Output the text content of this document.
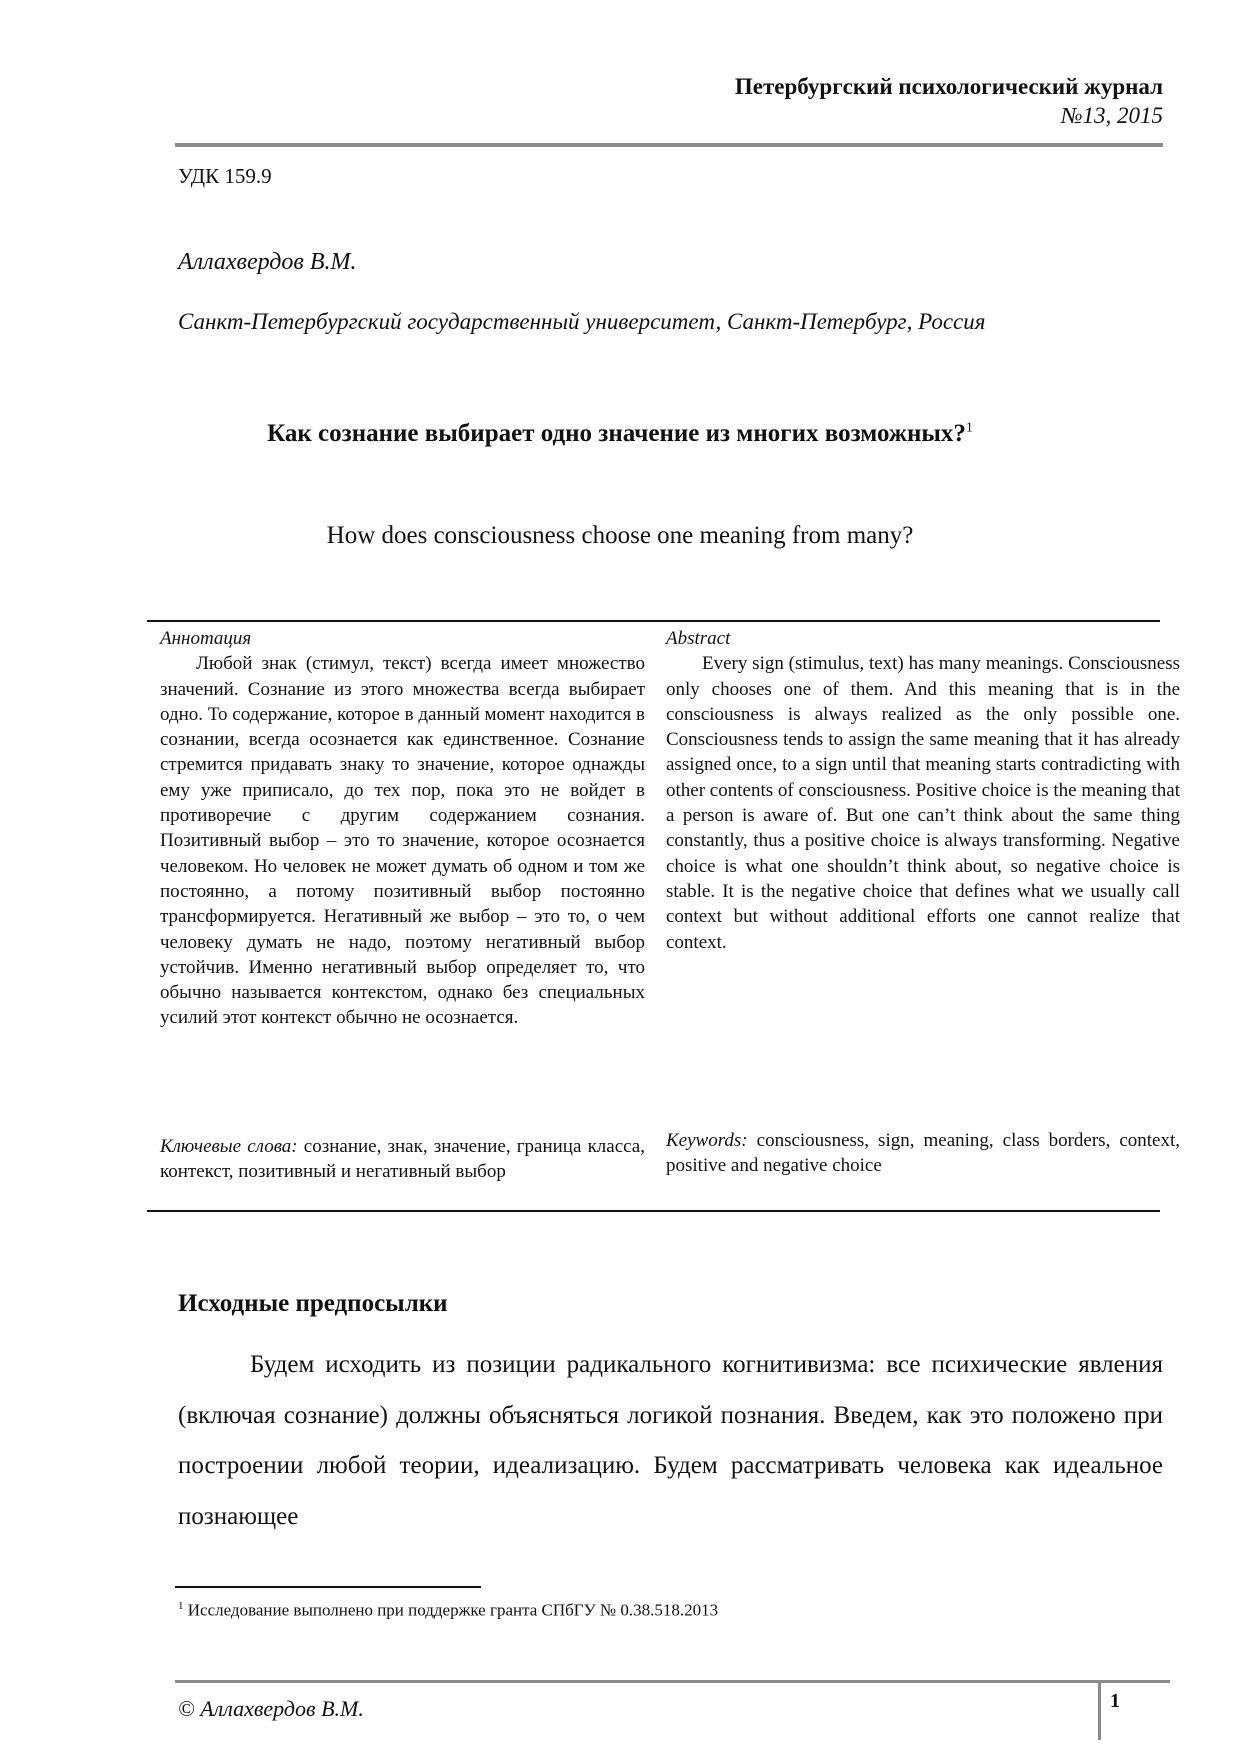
Петербургский психологический журнал
№13, 2015
УДК 159.9
Аллахвердов В.М.
Санкт-Петербургский государственный университет, Санкт-Петербург, Россия
Как сознание выбирает одно значение из многих возможных?$^1$
How does consciousness choose one meaning from many?
Аннотация

Любой знак (стимул, текст) всегда имеет множество значений. Сознание из этого множества всегда выбирает одно. То содержание, которое в данный момент находится в сознании, всегда осознается как единственное. Сознание стремится придавать знаку то значение, которое однажды ему уже приписало, до тех пор, пока это не войдет в противоречие с другим содержанием сознания. Позитивный выбор – это то значение, которое осознается человеком. Но человек не может думать об одном и том же постоянно, а потому позитивный выбор постоянно трансформируется. Негативный же выбор – это то, о чем человеку думать не надо, поэтому негативный выбор устойчив. Именно негативный выбор определяет то, что обычно называется контекстом, однако без специальных усилий этот контекст обычно не осознается.

Abstract

Every sign (stimulus, text) has many meanings. Consciousness only chooses one of them. And this meaning that is in the consciousness is always realized as the only possible one. Consciousness tends to assign the same meaning that it has already assigned once, to a sign until that meaning starts contradicting with other contents of consciousness. Positive choice is the meaning that a person is aware of. But one can’t think about the same thing constantly, thus a positive choice is always transforming. Negative choice is what one shouldn’t think about, so negative choice is stable. It is the negative choice that defines what we usually call context but without additional efforts one cannot realize that context.

Ключевые слова: сознание, знак, значение, граница класса, контекст, позитивный и негативный выбор
Keywords: consciousness, sign, meaning, class borders, context, positive and negative choice
Исходные предпосылки

Будем исходить из позиции радикального когнитивизма: все психические явления (включая сознание) должны объясняться логикой познания. Введем, как это положено при построении любой теории, идеализацию. Будем рассматривать человека как идеальное познающее

$^1$ Исследование выполнено при поддержке гранта СПбГУ № 0.38.518.2013
© Аллахвердов В.М.	1
